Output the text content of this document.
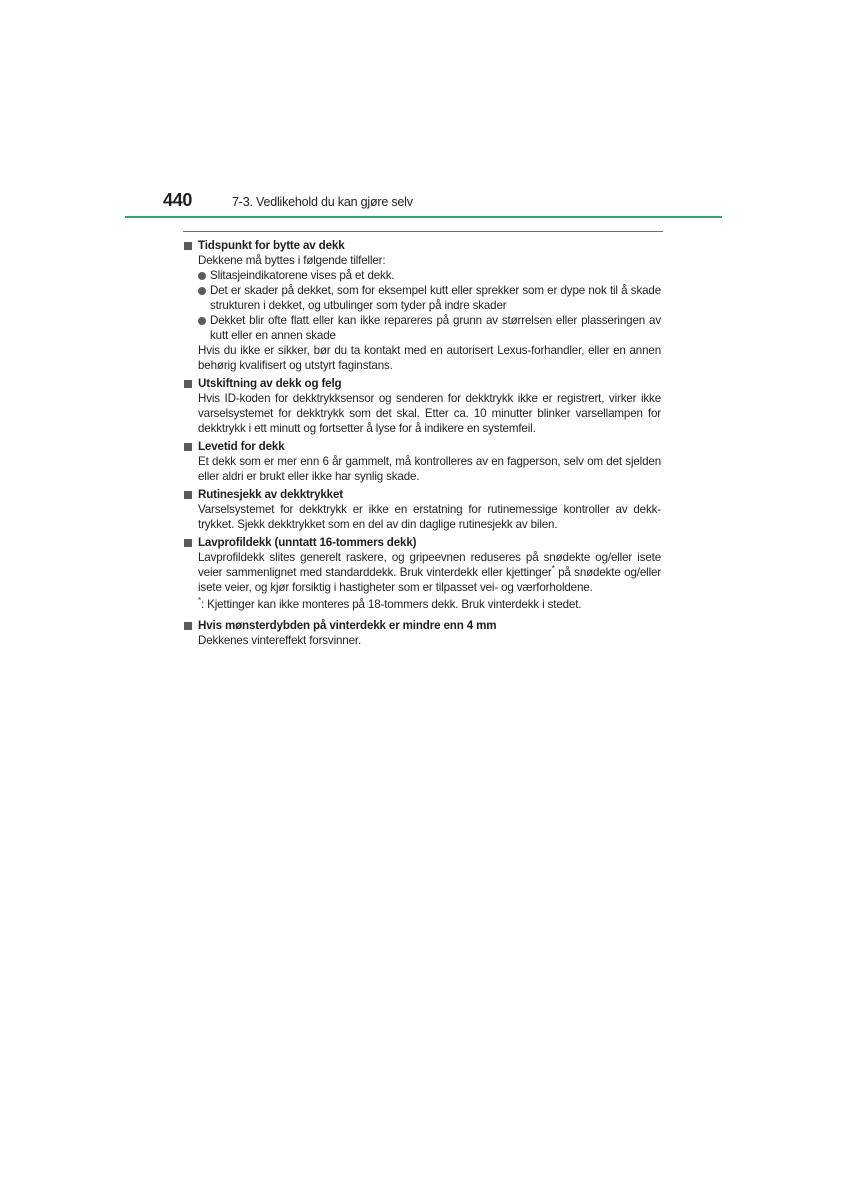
440	7-3. Vedlikehold du kan gjøre selv
Tidspunkt for bytte av dekk
Dekkene må byttes i følgende tilfeller:
Slitasjeindikatorene vises på et dekk.
Det er skader på dekket, som for eksempel kutt eller sprekker som er dype nok til å skade strukturen i dekket, og utbulinger som tyder på indre skader
Dekket blir ofte flatt eller kan ikke repareres på grunn av størrelsen eller plasseringen av kutt eller en annen skade
Hvis du ikke er sikker, bør du ta kontakt med en autorisert Lexus-forhandler, eller en annen behørig kvalifisert og utstyrt faginstans.
Utskiftning av dekk og felg
Hvis ID-koden for dekktrykksensor og senderen for dekktrykk ikke er registrert, virker ikke varselsystemet for dekktrykk som det skal. Etter ca. 10 minutter blinker varsellampen for dekktrykk i ett minutt og fortsetter å lyse for å indikere en systemfeil.
Levetid for dekk
Et dekk som er mer enn 6 år gammelt, må kontrolleres av en fagperson, selv om det sjelden eller aldri er brukt eller ikke har synlig skade.
Rutinesjekk av dekktrykket
Varselsystemet for dekktrykk er ikke en erstatning for rutinemessige kontroller av dekk-trykket. Sjekk dekktrykket som en del av din daglige rutinesjekk av bilen.
Lavprofildekk (unntatt 16-tommers dekk)
Lavprofildekk slites generelt raskere, og gripeevnen reduseres på snødekte og/eller isete veier sammenlignet med standarddekk. Bruk vinterdekk eller kjettinger* på snødekte og/eller isete veier, og kjør forsiktig i hastigheter som er tilpasset vei- og værforholdene.
*: Kjettinger kan ikke monteres på 18-tommers dekk. Bruk vinterdekk i stedet.
Hvis mønsterdybden på vinterdekk er mindre enn 4 mm
Dekkenes vintereffekt forsvinner.
